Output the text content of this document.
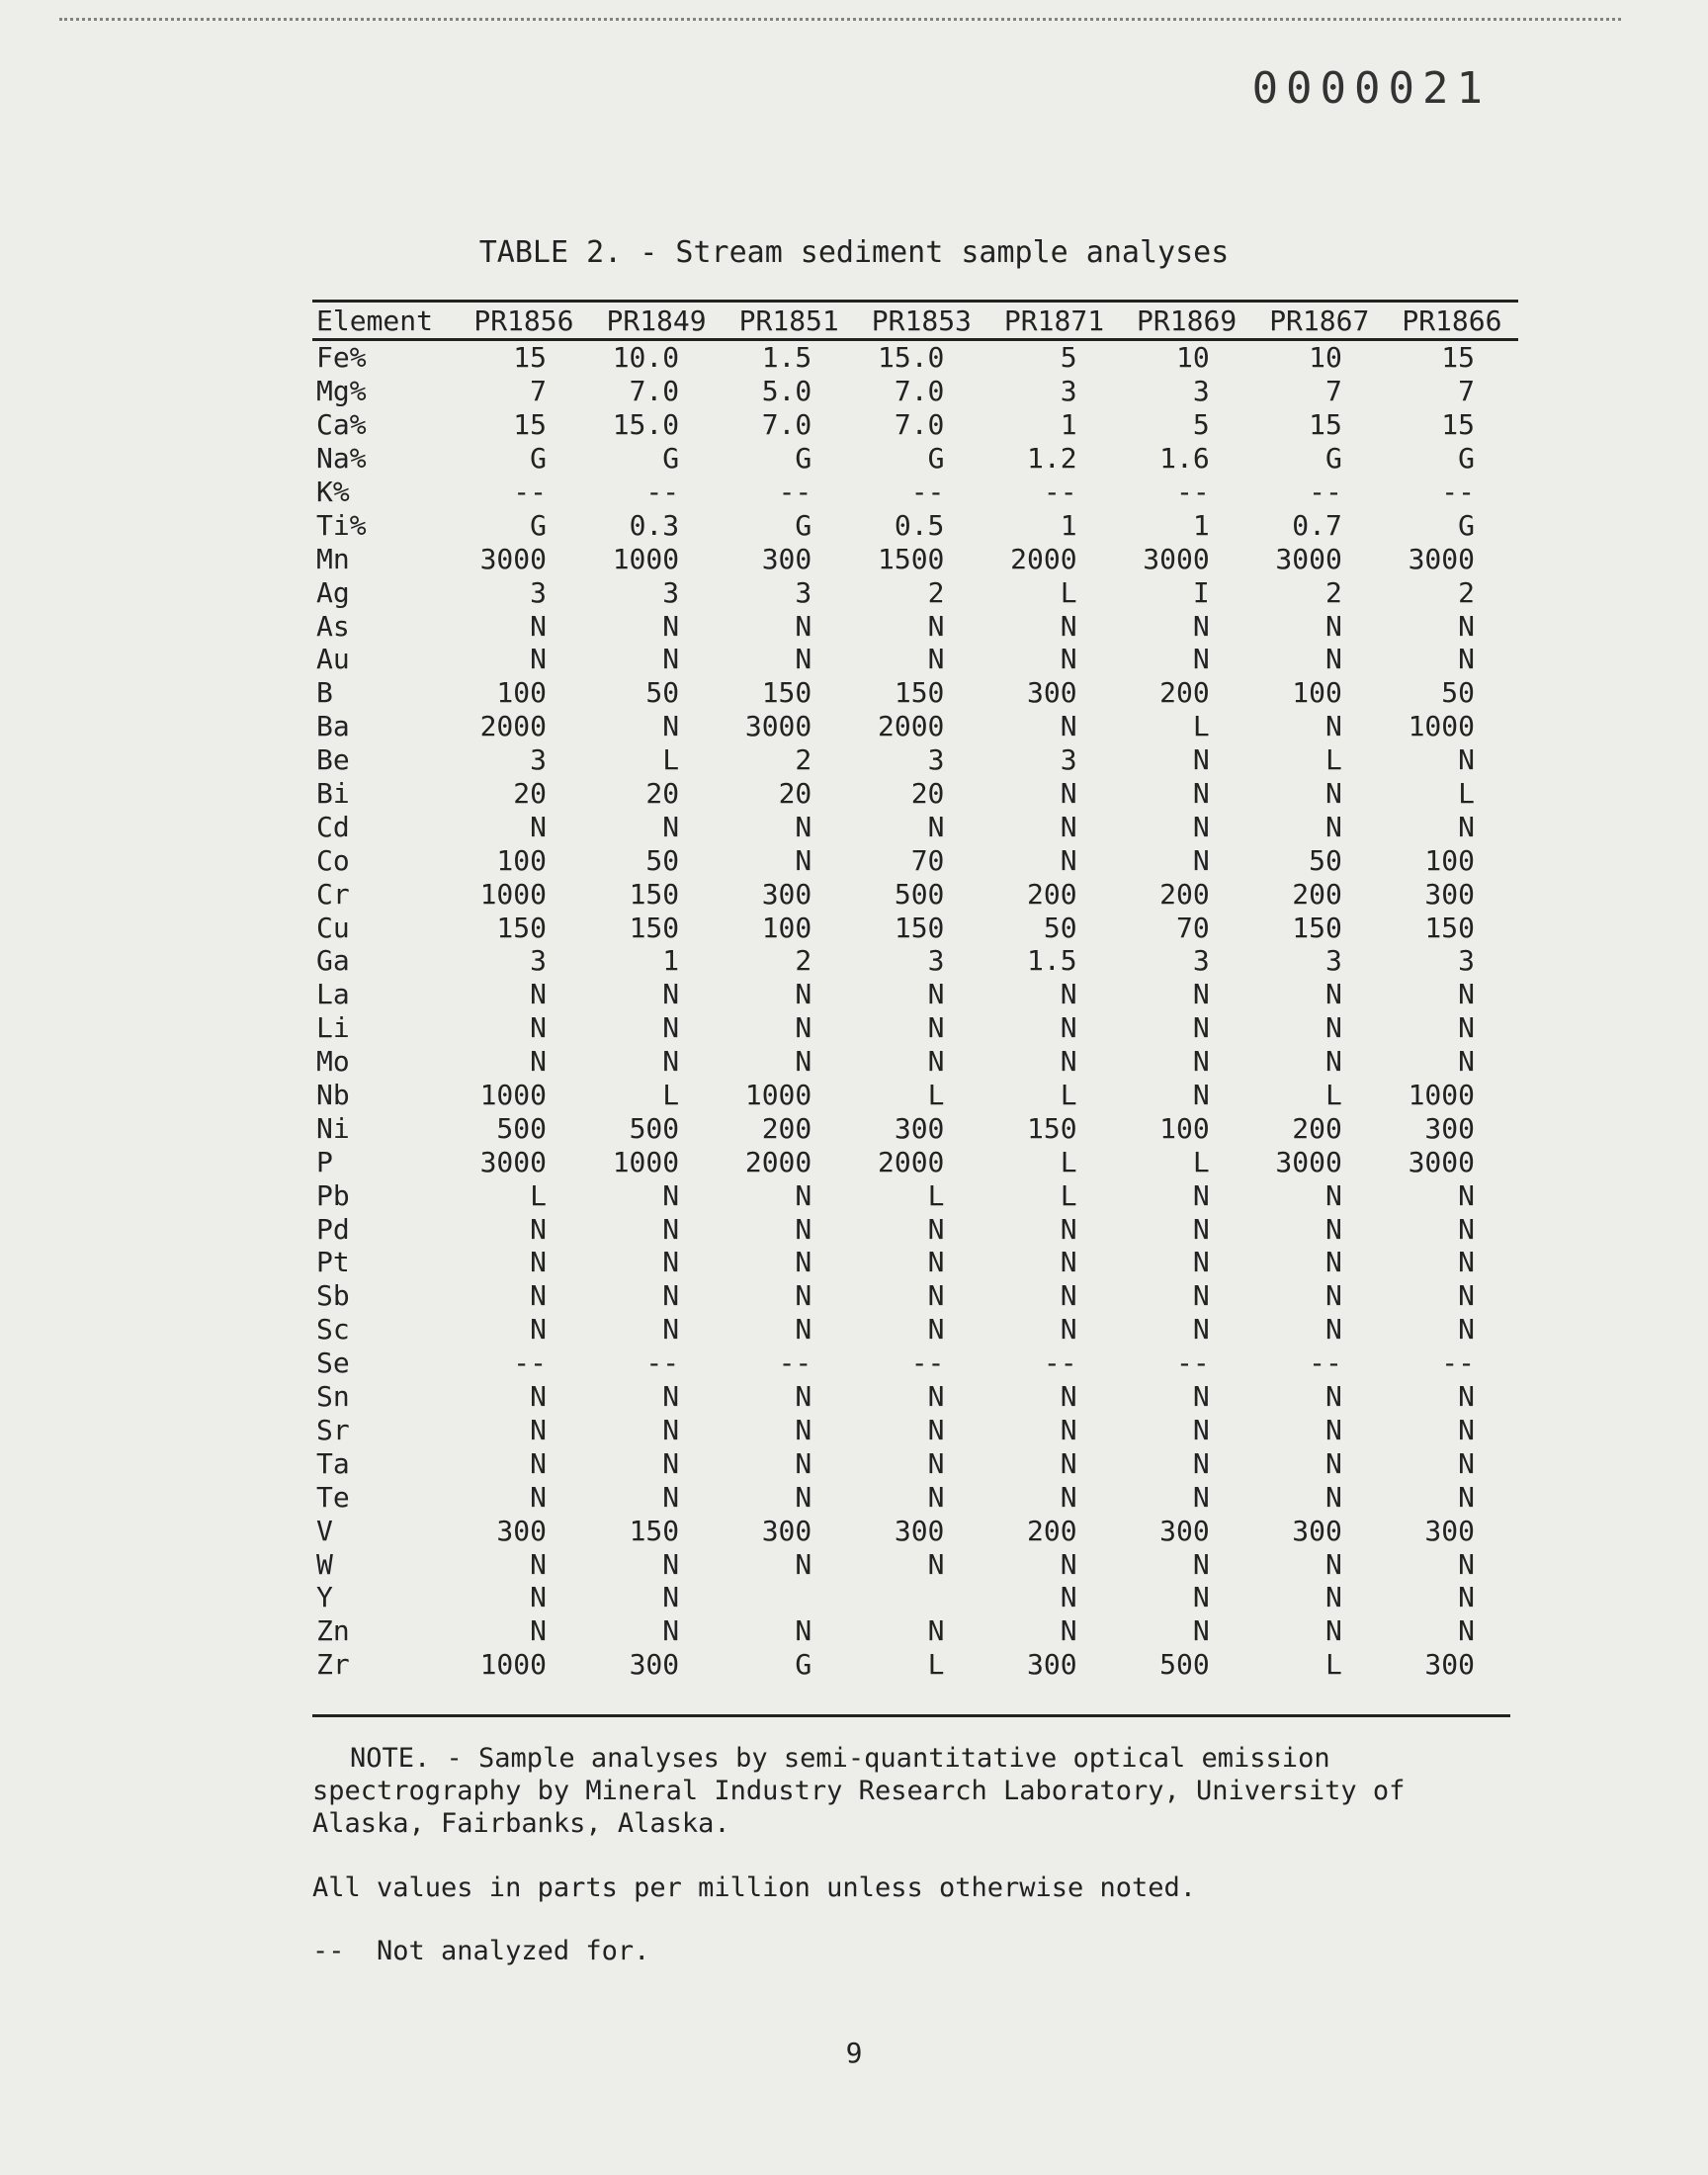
0000021
TABLE 2. - Stream sediment sample analyses
Element	PR1856	PR1849	PR1851	PR1853	PR1871	PR1869	PR1867	PR1866
Fe%	15	10.0	1.5	15.0	5	10	10	15
Mg%	7	7.0	5.0	7.0	3	3	7	7
Ca%	15	15.0	7.0	7.0	1	5	15	15
Na%	G	G	G	G	1.2	1.6	G	G
K%	--	--	--	--	--	--	--	--
Ti%	G	0.3	G	0.5	1	1	0.7	G
Mn	3000	1000	300	1500	2000	3000	3000	3000
Ag	3	3	3	2	L	I	2	2
As	N	N	N	N	N	N	N	N
Au	N	N	N	N	N	N	N	N
B	100	50	150	150	300	200	100	50
Ba	2000	N	3000	2000	N	L	N	1000
Be	3	L	2	3	3	N	L	N
Bi	20	20	20	20	N	N	N	L
Cd	N	N	N	N	N	N	N	N
Co	100	50	N	70	N	N	50	100
Cr	1000	150	300	500	200	200	200	300
Cu	150	150	100	150	50	70	150	150
Ga	3	1	2	3	1.5	3	3	3
La	N	N	N	N	N	N	N	N
Li	N	N	N	N	N	N	N	N
Mo	N	N	N	N	N	N	N	N
Nb	1000	L	1000	L	L	N	L	1000
Ni	500	500	200	300	150	100	200	300
P	3000	1000	2000	2000	L	L	3000	3000
Pb	L	N	N	L	L	N	N	N
Pd	N	N	N	N	N	N	N	N
Pt	N	N	N	N	N	N	N	N
Sb	N	N	N	N	N	N	N	N
Sc	N	N	N	N	N	N	N	N
Se	--	--	--	--	--	--	--	--
Sn	N	N	N	N	N	N	N	N
Sr	N	N	N	N	N	N	N	N
Ta	N	N	N	N	N	N	N	N
Te	N	N	N	N	N	N	N	N
V	300	150	300	300	200	300	300	300
W	N	N	N	N	N	N	N	N
Y	N	N			N	N	N	N
Zn	N	N	N	N	N	N	N	N
Zr	1000	300	G	L	300	500	L	300

NOTE. - Sample analyses by semi-quantitative optical emission spectrography by Mineral Industry Research Laboratory, University of Alaska, Fairbanks, Alaska.

All values in parts per million unless otherwise noted.
--  Not analyzed for.
9
